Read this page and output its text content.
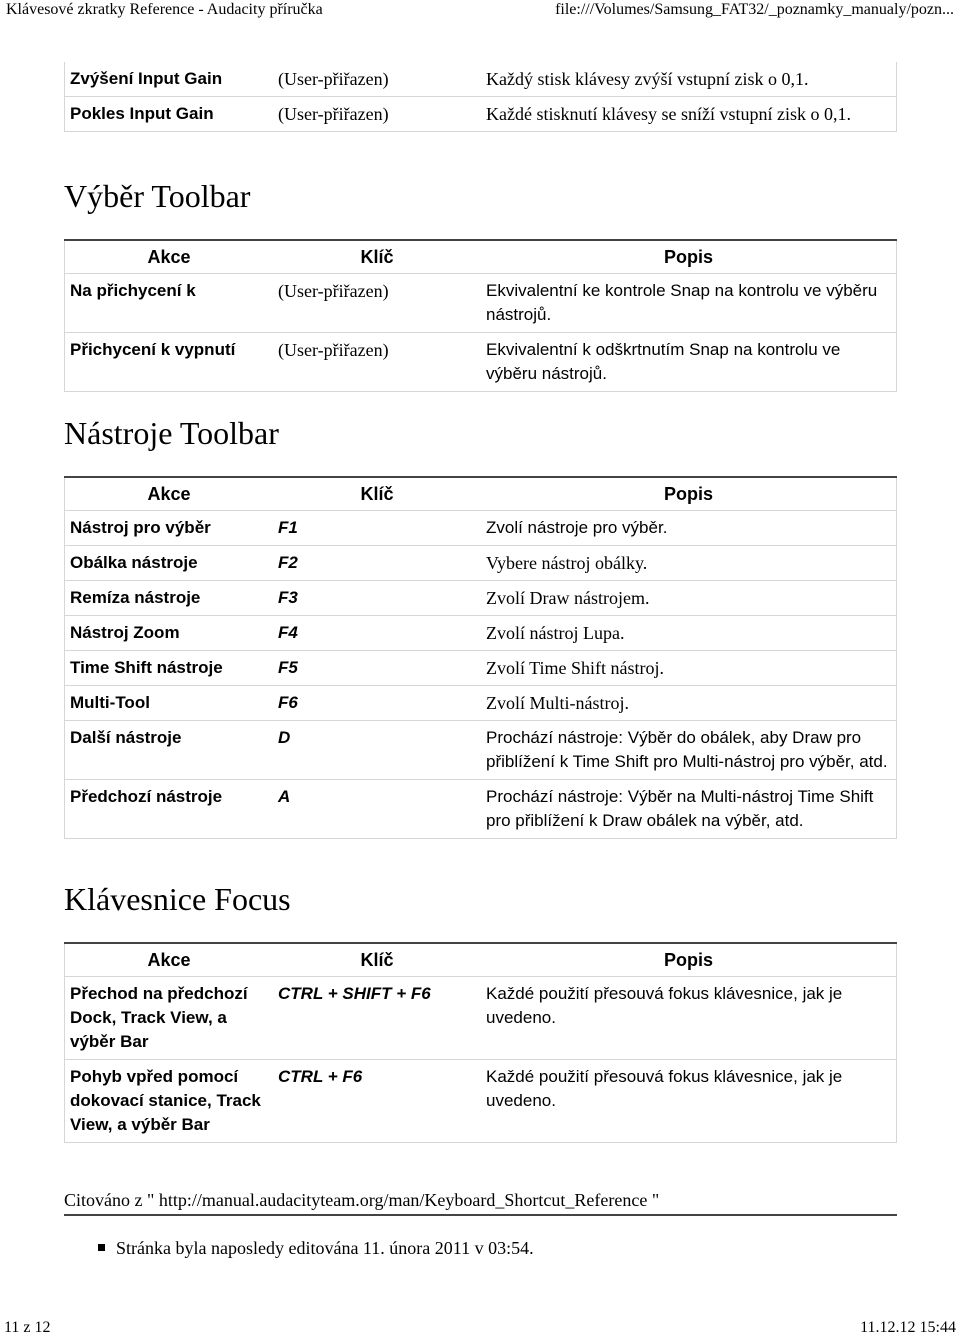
Klávesové zkratky Reference - Audacity příručka	file:///Volumes/Samsung_FAT32/_poznamky_manualy/pozn...
Zvýšení Input Gain	(User-přiřazen)	Každý stisk klávesy zvýší vstupní zisk o 0,1.
Pokles Input Gain	(User-přiřazen)	Každé stisknutí klávesy se sníží vstupní zisk o 0,1.
Výběr Toolbar
Akce	Klíč	Popis
Na přichycení k	(User-přiřazen)	Ekvivalentní ke kontrole Snap na kontrolu ve výběru nástrojů.
Přichycení k vypnutí	(User-přiřazen)	Ekvivalentní k odškrtnutím Snap na kontrolu ve výběru nástrojů.
Nástroje Toolbar
Akce	Klíč	Popis
Nástroj pro výběr	F1	Zvolí nástroje pro výběr.
Obálka nástroje	F2	Vybere nástroj obálky.
Remíza nástroje	F3	Zvolí Draw nástrojem.
Nástroj Zoom	F4	Zvolí nástroj Lupa.
Time Shift nástroje	F5	Zvolí Time Shift nástroj.
Multi-Tool	F6	Zvolí Multi-nástroj.
Další nástroje	D	Prochází nástroje: Výběr do obálek, aby Draw pro přiblížení k Time Shift pro Multi-nástroj pro výběr, atd.
Předchozí nástroje	A	Prochází nástroje: Výběr na Multi-nástroj Time Shift pro přiblížení k Draw obálek na výběr, atd.
Klávesnice Focus
Akce	Klíč	Popis
Přechod na předchozí Dock, Track View, a výběr Bar	CTRL + SHIFT + F6	Každé použití přesouvá fokus klávesnice, jak je uvedeno.
Pohyb vpřed pomocí dokovací stanice, Track View, a výběr Bar	CTRL + F6	Každé použití přesouvá fokus klávesnice, jak je uvedeno.
Citováno z " http://manual.audacityteam.org/man/Keyboard_Shortcut_Reference "
Stránka byla naposledy editována 11. února 2011 v 03:54.
11 z 12	11.12.12 15:44
